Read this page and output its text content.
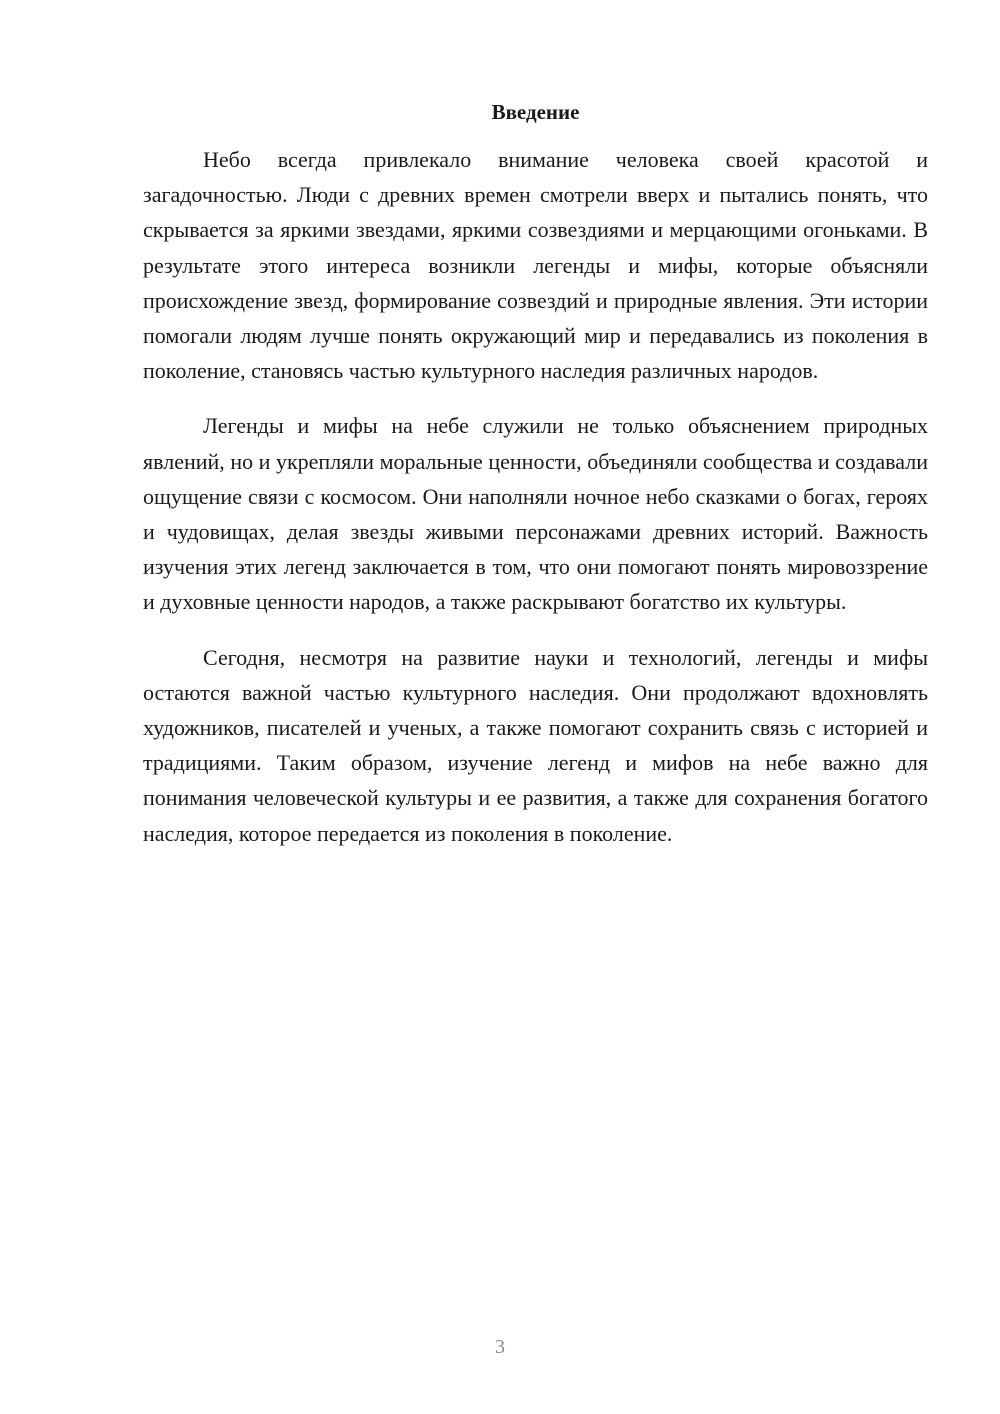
Введение

Небо всегда привлекало внимание человека своей красотой и загадочностью. Люди с древних времен смотрели вверх и пытались понять, что скрывается за яркими звездами, яркими созвездиями и мерцающими огоньками. В результате этого интереса возникли легенды и мифы, которые объясняли происхождение звезд, формирование созвездий и природные явления. Эти истории помогали людям лучше понять окружающий мир и передавались из поколения в поколение, становясь частью культурного наследия различных народов.

Легенды и мифы на небе служили не только объяснением природных явлений, но и укрепляли моральные ценности, объединяли сообщества и создавали ощущение связи с космосом. Они наполняли ночное небо сказками о богах, героях и чудовищах, делая звезды живыми персонажами древних историй. Важность изучения этих легенд заключается в том, что они помогают понять мировоззрение и духовные ценности народов, а также раскрывают богатство их культуры.

Сегодня, несмотря на развитие науки и технологий, легенды и мифы остаются важной частью культурного наследия. Они продолжают вдохновлять художников, писателей и ученых, а также помогают сохранить связь с историей и традициями. Таким образом, изучение легенд и мифов на небе важно для понимания человеческой культуры и ее развития, а также для сохранения богатого наследия, которое передается из поколения в поколение.

3
